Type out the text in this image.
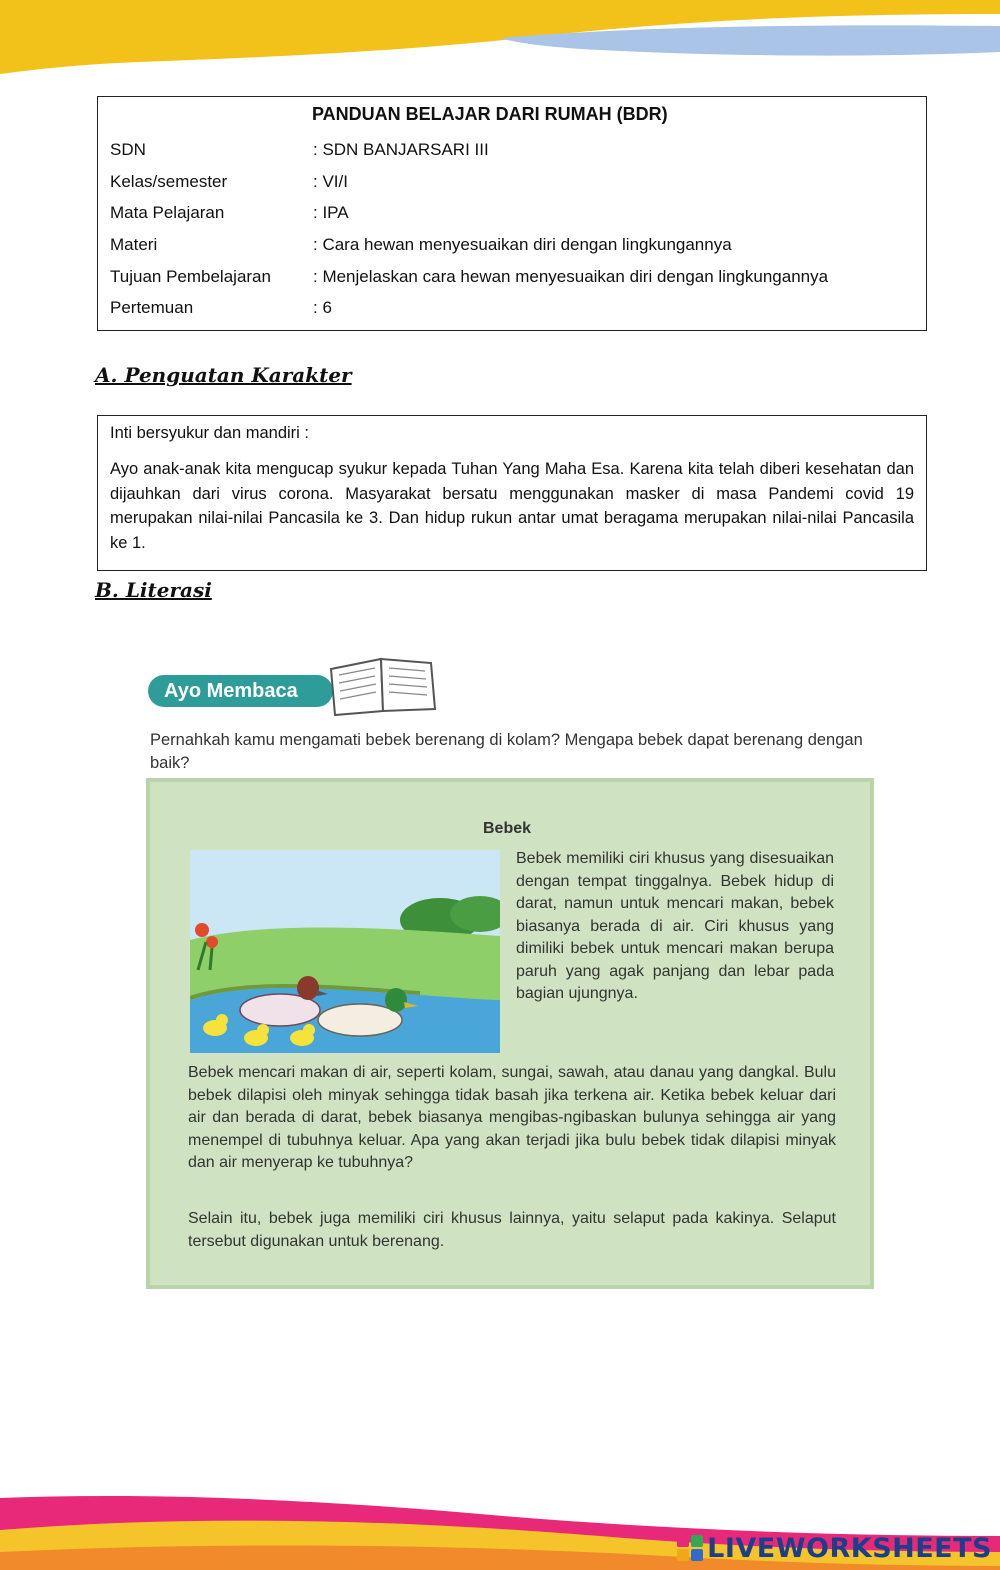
PANDUAN BELAJAR DARI RUMAH (BDR)
SDN	: SDN BANJARSARI III
Kelas/semester	: VI/I
Mata Pelajaran	: IPA
Materi	: Cara hewan menyesuaikan diri dengan lingkungannya
Tujuan Pembelajaran	: Menjelaskan cara hewan menyesuaikan diri dengan lingkungannya
Pertemuan	: 6
A. Penguatan Karakter

Inti bersyukur dan mandiri :

Ayo anak-anak kita mengucap syukur kepada Tuhan Yang Maha Esa. Karena kita telah diberi kesehatan dan dijauhkan dari virus corona. Masyarakat bersatu menggunakan masker di masa Pandemi covid 19 merupakan nilai-nilai Pancasila ke 3. Dan hidup rukun antar umat beragama merupakan nilai-nilai Pancasila ke 1.

B. Literasi
Ayo Membaca
Pernahkah kamu mengamati bebek berenang di kolam? Mengapa bebek dapat berenang dengan baik?
Bebek
Bebek memiliki ciri khusus yang disesuaikan dengan tempat tinggalnya. Bebek hidup di darat, namun untuk mencari makan, bebek biasanya berada di air. Ciri khusus yang dimiliki bebek untuk mencari makan berupa paruh yang agak panjang dan lebar pada bagian ujungnya.
Bebek mencari makan di air, seperti kolam, sungai, sawah, atau danau yang dangkal. Bulu bebek dilapisi oleh minyak sehingga tidak basah jika terkena air. Ketika bebek keluar dari air dan berada di darat, bebek biasanya mengibas-ngibaskan bulunya sehingga air yang menempel di tubuhnya keluar. Apa yang akan terjadi jika bulu bebek tidak dilapisi minyak dan air menyerap ke tubuhnya?
Selain itu, bebek juga memiliki ciri khusus lainnya, yaitu selaput pada kakinya. Selaput tersebut digunakan untuk berenang.
LIVEWORKSHEETS
